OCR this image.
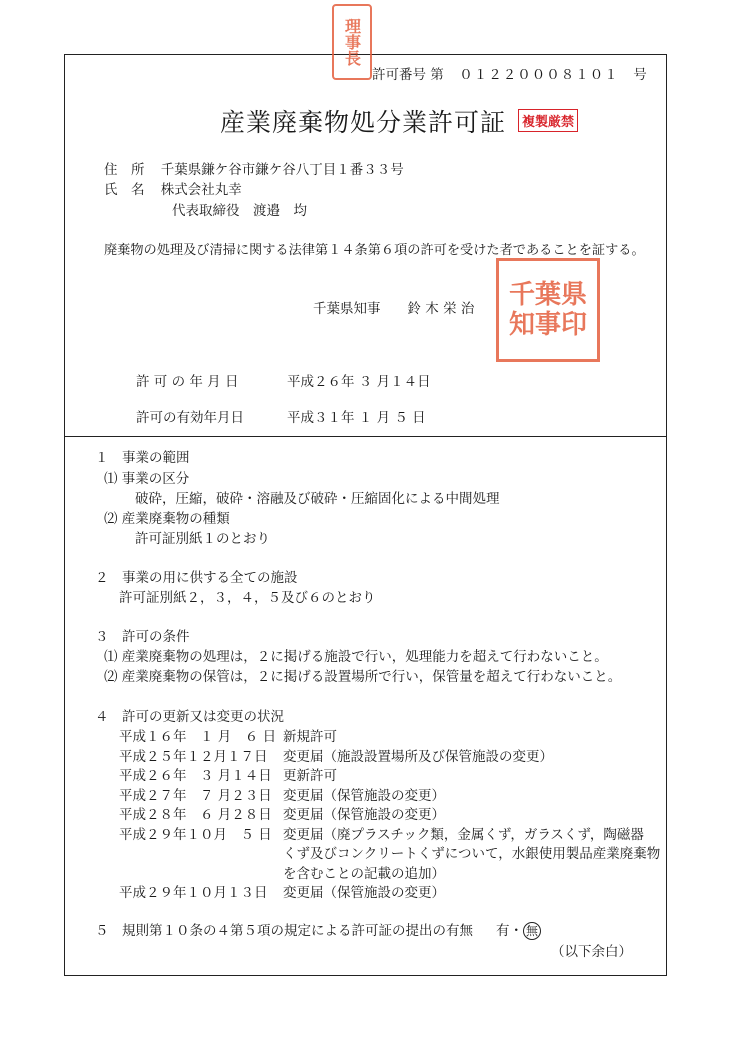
理事長
千葉県知事印
許可番号 第　０１２２０００８１０１　号
産業廃棄物処分業許可証	複製厳禁
住　所 千葉県鎌ケ谷市鎌ケ谷八丁目１番３３号
氏　名 株式会社丸幸
代表取締役　渡邉　均
廃棄物の処理及び清掃に関する法律第１４条第６項の許可を受けた者であることを証する。
千葉県知事　　鈴 木 栄 治
許 可 の 年 月 日	平成２６年 ３ 月１４日
許可の有効年月日	平成３１年 １ 月 ５ 日
１　事業の範囲
⑴ 事業の区分
破砕，圧縮，破砕・溶融及び破砕・圧縮固化による中間処理
⑵ 産業廃棄物の種類
許可証別紙１のとおり
２　事業の用に供する全ての施設
許可証別紙２，３，４，５及び６のとおり
３　許可の条件
⑴ 産業廃棄物の処理は，２に掲げる施設で行い，処理能力を超えて行わないこと。
⑵ 産業廃棄物の保管は，２に掲げる設置場所で行い，保管量を超えて行わないこと。
４　許可の更新又は変更の状況
平成１６年　１ 月　６ 日 新規許可
平成２５年１２月１７日 変更届（施設設置場所及び保管施設の変更）
平成２６年　３ 月１４日 更新許可
平成２７年　７ 月２３日 変更届（保管施設の変更）
平成２８年　６ 月２８日 変更届（保管施設の変更）
平成２９年１０月　５ 日 変更届（廃プラスチック類，金属くず，ガラスくず，陶磁器
くず及びコンクリートくずについて，水銀使用製品産業廃棄物
を含むことの記載の追加）
平成２９年１０月１３日 変更届（保管施設の変更）
５　規則第１０条の４第５項の規定による許可証の提出の有無 有・ 無
（以下余白）
